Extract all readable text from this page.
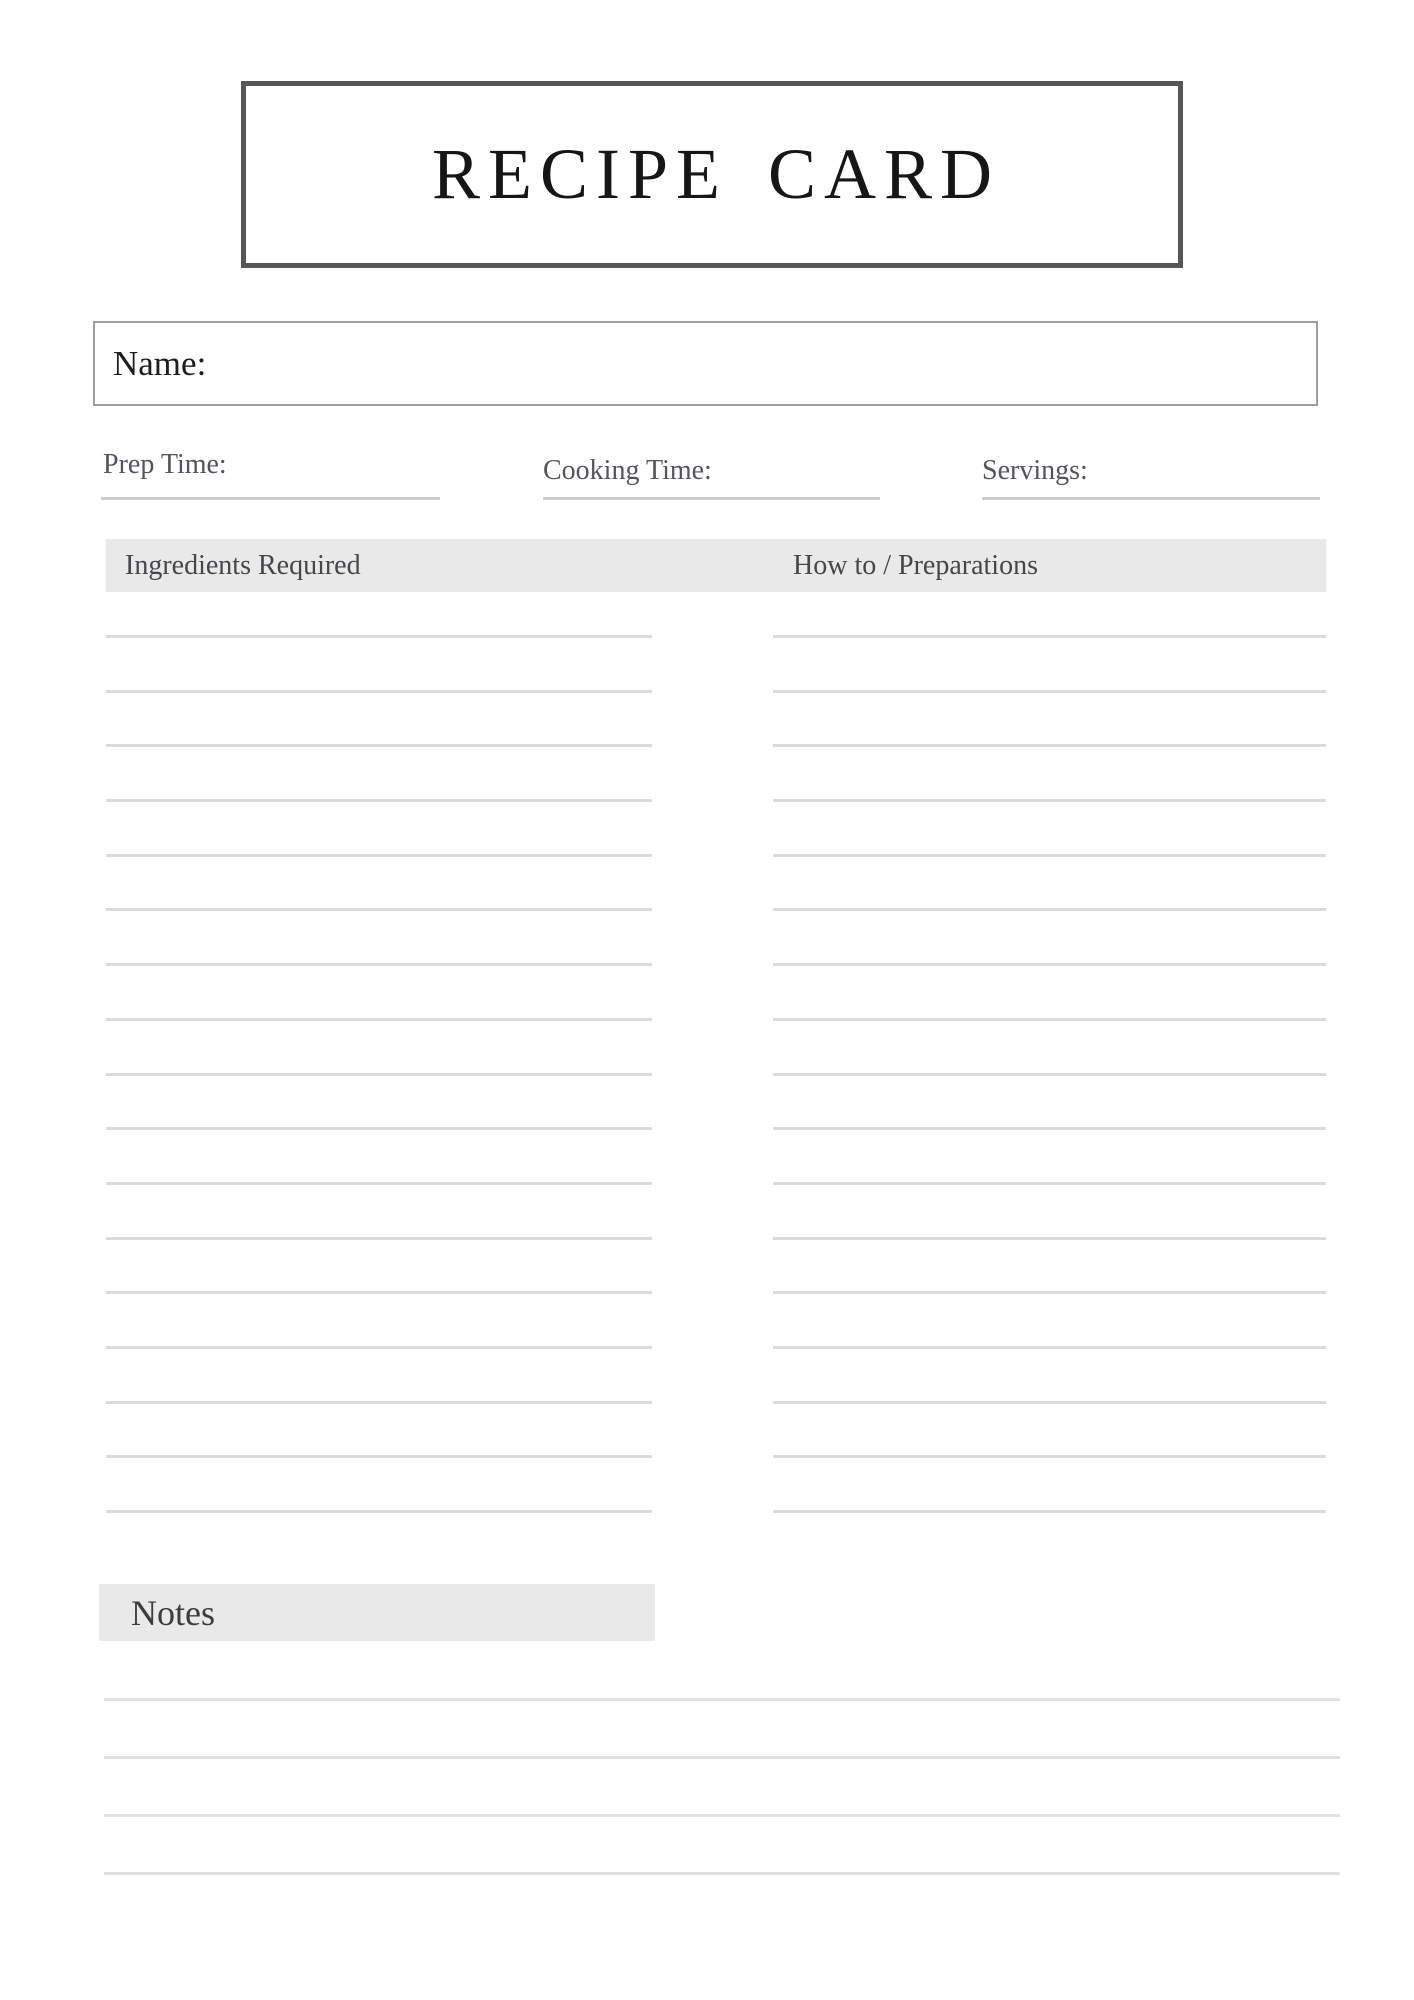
RECIPE CARD
Name:
Prep Time:	Cooking Time:	Servings:
Ingredients Required	How to / Preparations
Notes
